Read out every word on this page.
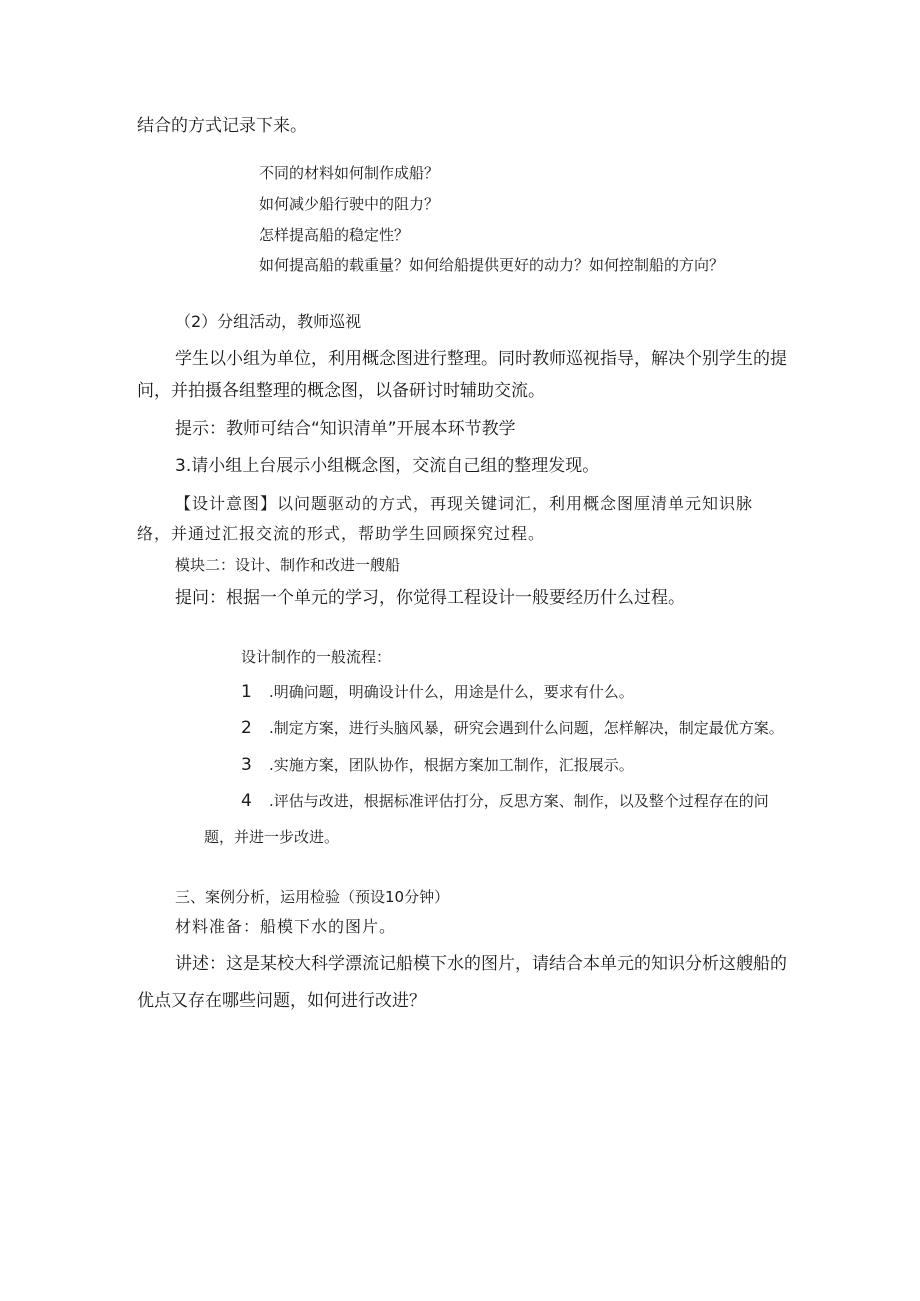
结合的方式记录下来。

不同的材料如何制作成船？

如何减少船行驶中的阻力？

怎样提高船的稳定性？

如何提高船的载重量？如何给船提供更好的动力？如何控制船的方向？

（2）分组活动，教师巡视

学生以小组为单位，利用概念图进行整理。同时教师巡视指导，解决个别学生的提

问，并拍摄各组整理的概念图，以备研讨时辅助交流。

提示：教师可结合“知识清单”开展本环节教学

3.请小组上台展示小组概念图，交流自己组的整理发现。

【设计意图】以问题驱动的方式，再现关键词汇，利用概念图厘清单元知识脉

络，并通过汇报交流的形式，帮助学生回顾探究过程。

模块二：设计、制作和改进一艘船

提问：根据一个单元的学习，你觉得工程设计一般要经历什么过程。

设计制作的一般流程：

1 .明确问题，明确设计什么，用途是什么，要求有什么。

2 .制定方案，进行头脑风暴，研究会遇到什么问题，怎样解决，制定最优方案。

3 .实施方案，团队协作，根据方案加工制作，汇报展示。

4 .评估与改进，根据标准评估打分，反思方案、制作，以及整个过程存在的问

题，并进一步改进。

三、案例分析，运用检验（预设10分钟）

材料准备：船模下水的图片。

讲述：这是某校大科学漂流记船模下水的图片，请结合本单元的知识分析这艘船的

优点又存在哪些问题，如何进行改进？
